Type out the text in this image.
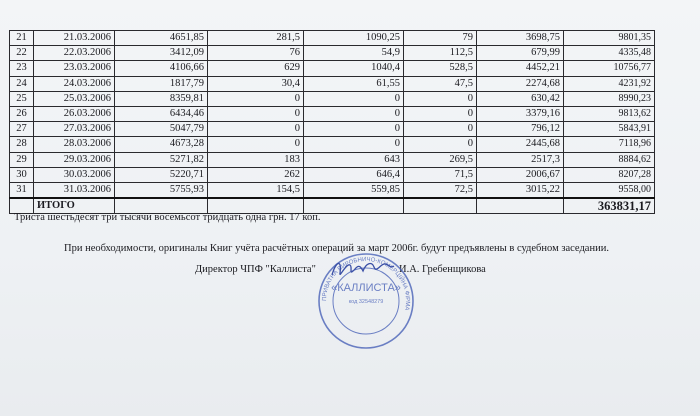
21	21.03.2006	4651,85	281,5	1090,25	79	3698,75	9801,35
22	22.03.2006	3412,09	76	54,9	112,5	679,99	4335,48
23	23.03.2006	4106,66	629	1040,4	528,5	4452,21	10756,77
24	24.03.2006	1817,79	30,4	61,55	47,5	2274,68	4231,92
25	25.03.2006	8359,81	0	0	0	630,42	8990,23
26	26.03.2006	6434,46	0	0	0	3379,16	9813,62
27	27.03.2006	5047,79	0	0	0	796,12	5843,91
28	28.03.2006	4673,28	0	0	0	2445,68	7118,96
29	29.03.2006	5271,82	183	643	269,5	2517,3	8884,62
30	30.03.2006	5220,71	262	646,4	71,5	2006,67	8207,28
31	31.03.2006	5755,93	154,5	559,85	72,5	3015,22	9558,00
	ИТОГО						363831,17
Триста шестьдесят три тысячи восемьсот тридцать одна грн. 17 коп.
При необходимости, оригиналы Книг учёта расчётных операций за март 2006г. будут предъявлены в судебном заседании.
Директор ЧПФ "Каллиста"	И.А. Гребенщикова
ПРИВАТНА ВИРОБНИЧО-КОМЕРЦІЙНА ФІРМА
«КАЛЛИСТА»
код 32548279
